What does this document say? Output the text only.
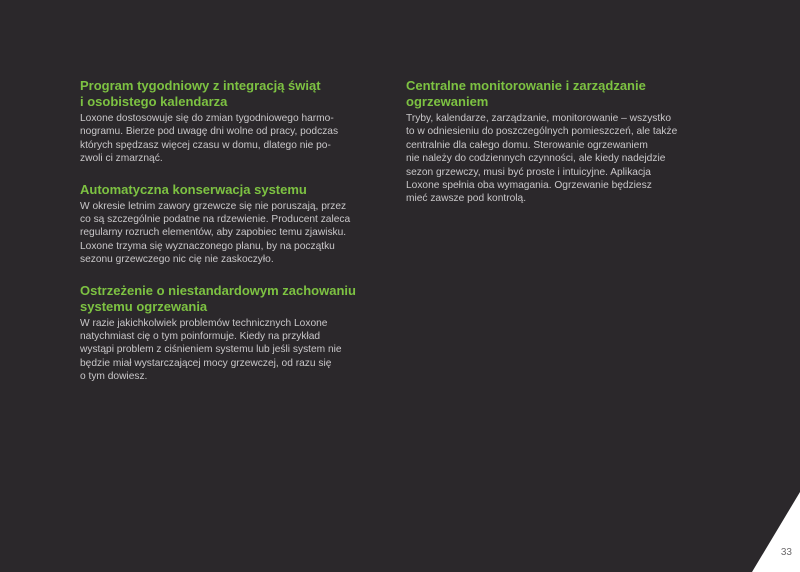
Program tygodniowy z integracją świąt
i osobistego kalendarza

Loxone dostosowuje się do zmian tygodniowego harmo-
nogramu. Bierze pod uwagę dni wolne od pracy, podczas
których spędzasz więcej czasu w domu, dlatego nie po-
zwoli ci zmarznąć.

Automatyczna konserwacja systemu

W okresie letnim zawory grzewcze się nie poruszają, przez
co są szczególnie podatne na rdzewienie. Producent zaleca
regularny rozruch elementów, aby zapobiec temu zjawisku.
Loxone trzyma się wyznaczonego planu, by na początku
sezonu grzewczego nic cię nie zaskoczyło.

Ostrzeżenie o niestandardowym zachowaniu
systemu ogrzewania

W razie jakichkolwiek problemów technicznych Loxone
natychmiast cię o tym poinformuje. Kiedy na przykład
wystąpi problem z ciśnieniem systemu lub jeśli system nie
będzie miał wystarczającej mocy grzewczej, od razu się
o tym dowiesz.

Centralne monitorowanie i zarządzanie
ogrzewaniem

Tryby, kalendarze, zarządzanie, monitorowanie – wszystko
to w odniesieniu do poszczególnych pomieszczeń, ale także
centralnie dla całego domu. Sterowanie ogrzewaniem
nie należy do codziennych czynności, ale kiedy nadejdzie
sezon grzewczy, musi być proste i intuicyjne. Aplikacja
Loxone spełnia oba wymagania. Ogrzewanie będziesz
mieć zawsze pod kontrolą.

33
